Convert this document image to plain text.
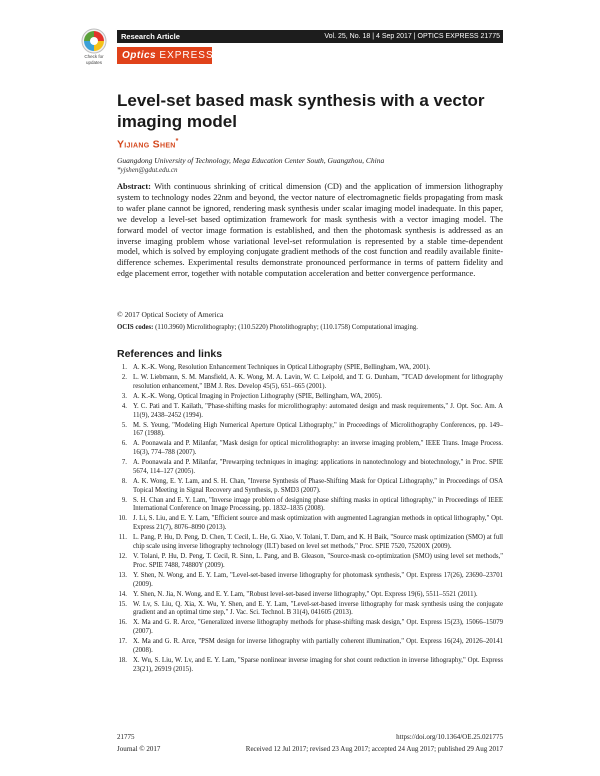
Check for
updates
Research Article	Vol. 25, No. 18 | 4 Sep 2017 | OPTICS EXPRESS 21775
Optics EXPRESS
Level-set based mask synthesis with a vector imaging model
Yijiang Shen*
Guangdong University of Technology, Mega Education Center South, Guangzhou, China
*yjshen@gdut.edu.cn
Abstract: With continuous shrinking of critical dimension (CD) and the application of immersion lithography system to technology nodes 22nm and beyond, the vector nature of electromagnetic fields propagating from mask to wafer plane cannot be ignored, rendering mask synthesis under scalar imaging model inadequate. In this paper, we develop a level-set based optimization framework for mask synthesis with a vector imaging model. The forward model of vector image formation is established, and then the photomask synthesis is addressed as an inverse imaging problem whose variational level-set reformulation is represented by a stable time-dependent model, which is solved by employing conjugate gradient methods of the cost function and readily available finite-difference schemes. Experimental results demonstrate pronounced performance in terms of pattern fidelity and edge placement error, together with notable computation acceleration and better convergence performance.
© 2017 Optical Society of America
OCIS codes: (110.3960) Microlithography; (110.5220) Photolithography; (110.1758) Computational imaging.
References and links
1. A. K.-K. Wong, Resolution Enhancement Techniques in Optical Lithography (SPIE, Bellingham, WA, 2001).
2. L. W. Liebmann, S. M. Mansfield, A. K. Wong, M. A. Lavin, W. C. Leipold, and T. G. Dunham, "TCAD development for lithography resolution enhancement," IBM J. Res. Develop 45(5), 651–665 (2001).
3. A. K.-K. Wong, Optical Imaging in Projection Lithography (SPIE, Bellingham, WA, 2005).
4. Y. C. Pati and T. Kailath, "Phase-shifting masks for microlithography: automated design and mask requirements," J. Opt. Soc. Am. A 11(9), 2438–2452 (1994).
5. M. S. Yeung, "Modeling High Numerical Aperture Optical Lithography," in Proceedings of Microlithography Conferences, pp. 149–167 (1988).
6. A. Poonawala and P. Milanfar, "Mask design for optical microlithography: an inverse imaging problem," IEEE Trans. Image Process. 16(3), 774–788 (2007).
7. A. Poonawala and P. Milanfar, "Prewarping techniques in imaging: applications in nanotechnology and biotechnology," in Proc. SPIE 5674, 114–127 (2005).
8. A. K. Wong, E. Y. Lam, and S. H. Chan, "Inverse Synthesis of Phase-Shifting Mask for Optical Lithography," in Proceedings of OSA Topical Meeting in Signal Recovery and Synthesis, p. SMD3 (2007).
9. S. H. Chan and E. Y. Lam, "Inverse image problem of designing phase shifting masks in optical lithography," in Proceedings of IEEE International Conference on Image Processing, pp. 1832–1835 (2008).
10. J. Li, S. Liu, and E. Y. Lam, "Efficient source and mask optimization with augmented Lagrangian methods in optical lithography," Opt. Express 21(7), 8076–8090 (2013).
11. L. Pang, P. Hu, D. Peng, D. Chen, T. Cecil, L. He, G. Xiao, V. Tolani, T. Dam, and K. H Baik, "Source mask optimization (SMO) at full chip scale using inverse lithography technology (ILT) based on level set methods," Proc. SPIE 7520, 75200X (2009).
12. V. Tolani, P. Hu, D. Peng, T. Cecil, R. Sinn, L. Pang, and B. Gleason, "Source-mask co-optimization (SMO) using level set methods," Proc. SPIE 7488, 74880Y (2009).
13. Y. Shen, N. Wong, and E. Y. Lam, "Level-set-based inverse lithography for photomask synthesis," Opt. Express 17(26), 23690–23701 (2009).
14. Y. Shen, N. Jia, N. Wong, and E. Y. Lam, "Robust level-set-based inverse lithography," Opt. Express 19(6), 5511–5521 (2011).
15. W. Lv, S. Liu, Q. Xia, X. Wu, Y. Shen, and E. Y. Lam, "Level-set-based inverse lithography for mask synthesis using the conjugate gradient and an optimal time step," J. Vac. Sci. Technol. B 31(4), 041605 (2013).
16. X. Ma and G. R. Arce, "Generalized inverse lithography methods for phase-shifting mask design," Opt. Express 15(23), 15066–15079 (2007).
17. X. Ma and G. R. Arce, "PSM design for inverse lithography with partially coherent illumination," Opt. Express 16(24), 20126–20141 (2008).
18. X. Wu, S. Liu, W. Lv, and E. Y. Lam, "Sparse nonlinear inverse imaging for shot count reduction in inverse lithography," Opt. Express 23(21), 26919 (2015).
21775
Journal © 2017
https://doi.org/10.1364/OE.25.021775
Received 12 Jul 2017; revised 23 Aug 2017; accepted 24 Aug 2017; published 29 Aug 2017
